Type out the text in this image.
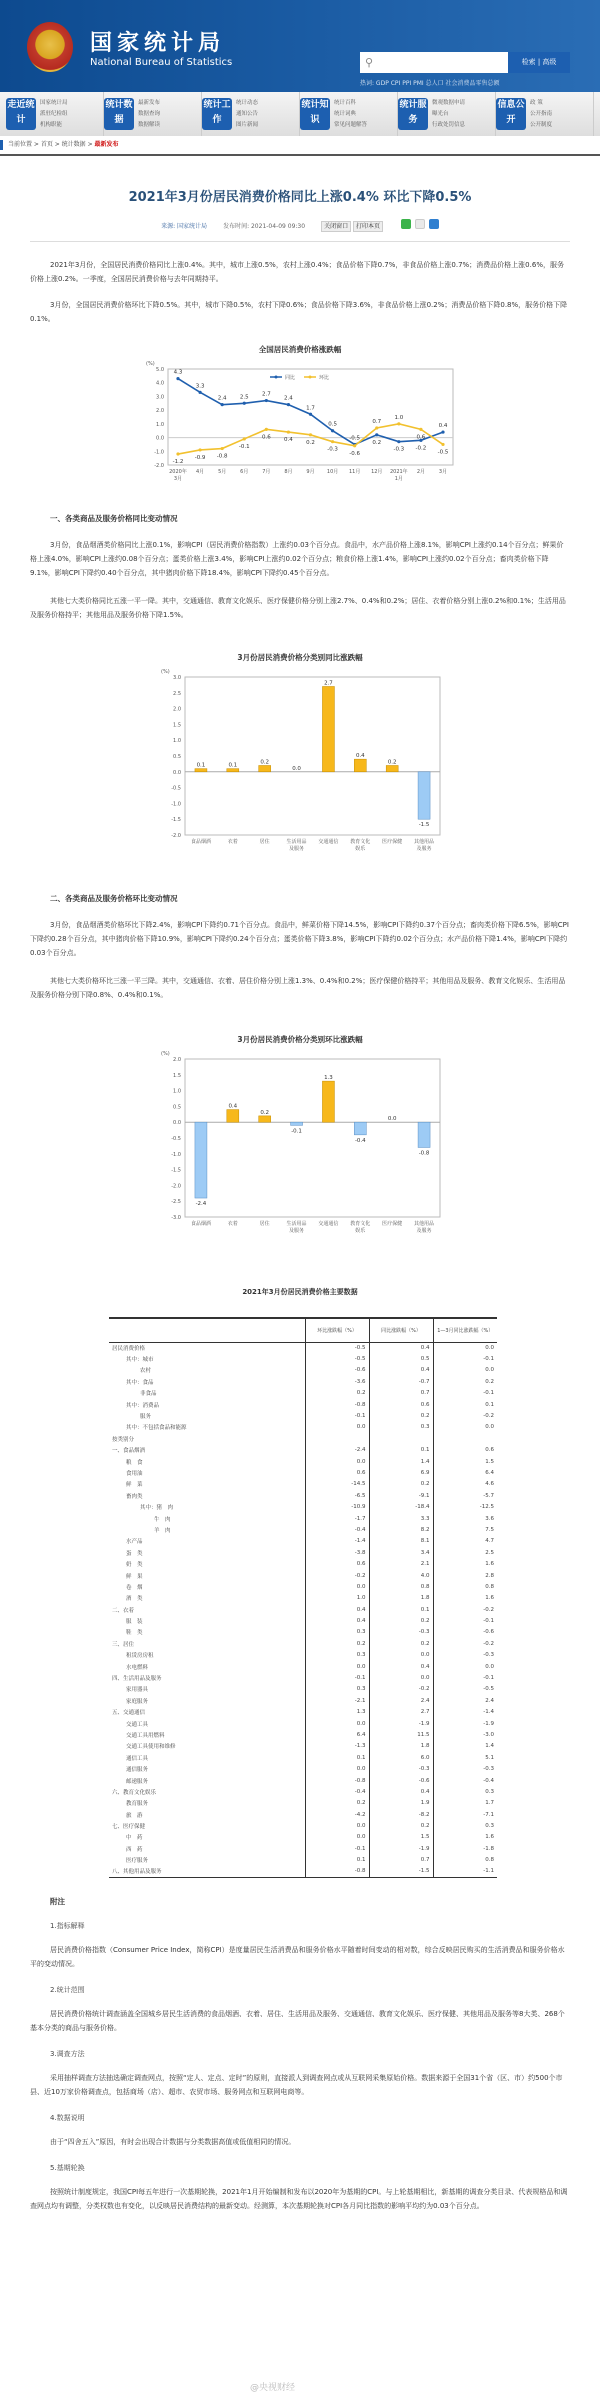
国家统计局
National Bureau of Statistics	⚲	检索 | 高级
热词: GDP CPI PPI PMI 总人口 社会消费品零售总额
走近统计
国家统计局
派驻纪检组
机构职能
统计数据
最新发布
数据查询
数据解读
统计工作
统计动态
通知公告
图片新闻
统计知识
统计百科
统计词典
常见问题解答
统计服务
微观数据申请
曝光台
行政处罚信息
信息公开
政 策
公开指南
公开制度
当前位置 > 首页 > 统计数据 > 最新发布
2021年3月份居民消费价格同比上涨0.4% 环比下降0.5%
来源: 国家统计局	发布时间: 2021-04-09 09:30	关闭窗口 打印本页

2021年3月份，全国居民消费价格同比上涨0.4%。其中，城市上涨0.5%，农村上涨0.4%；食品价格下降0.7%，非食品价格上涨0.7%；消费品价格上涨0.6%，服务价格上涨0.2%。一季度，全国居民消费价格与去年同期持平。

3月份，全国居民消费价格环比下降0.5%。其中，城市下降0.5%，农村下降0.6%；食品价格下降3.6%，非食品价格上涨0.2%；消费品价格下降0.8%，服务价格下降0.1%。

全国居民消费价格涨跌幅
(%)
5.0
4.0
3.0
2.0
1.0
0.0
-1.0
-2.0
2020年
3月
4月	5月	6月	7月	8月	9月 10月 11月 12月 2021年
1月
2月	3月
同比	环比
4.3
3.3
2.4 2.5 2.7
2.4
1.7
0.5
-0.5
0.2
-0.3 -0.2
0.4
-1.2
-0.9 -0.8
-0.1
0.6 0.4 0.2
-0.3
-0.6
0.7
1.0
0.6
-0.5
一、各类商品及服务价格同比变动情况

3月份，食品烟酒类价格同比上涨0.1%，影响CPI（居民消费价格指数）上涨约0.03个百分点。食品中，水产品价格上涨8.1%，影响CPI上涨约0.14个百分点；鲜果价格上涨4.0%，影响CPI上涨约0.08个百分点；蛋类价格上涨3.4%，影响CPI上涨约0.02个百分点；粮食价格上涨1.4%，影响CPI上涨约0.02个百分点；畜肉类价格下降9.1%，影响CPI下降约0.40个百分点，其中猪肉价格下降18.4%，影响CPI下降约0.45个百分点。

其他七大类价格同比五涨一平一降。其中，交通通信、教育文化娱乐、医疗保健价格分别上涨2.7%、0.4%和0.2%；居住、衣着价格分别上涨0.2%和0.1%；生活用品及服务价格持平；其他用品及服务价格下降1.5%。

3月份居民消费价格分类别同比涨跌幅
(%)
3.0
2.5
2.0
1.5
1.0
0.5
0.0
-0.5
-1.0
-1.5
-2.0
0.1
食品烟酒
0.1
衣着
0.2
居住
0.0
生活用品
及服务
2.7
交通通信
0.4
教育文化
娱乐
0.2
医疗保健
-1.5
其他用品
及服务
二、各类商品及服务价格环比变动情况

3月份，食品烟酒类价格环比下降2.4%，影响CPI下降约0.71个百分点。食品中，鲜菜价格下降14.5%，影响CPI下降约0.37个百分点；畜肉类价格下降6.5%，影响CPI下降约0.28个百分点，其中猪肉价格下降10.9%，影响CPI下降约0.24个百分点；蛋类价格下降3.8%，影响CPI下降约0.02个百分点；水产品价格下降1.4%，影响CPI下降约0.03个百分点。

其他七大类价格环比三涨一平三降。其中，交通通信、衣着、居住价格分别上涨1.3%、0.4%和0.2%；医疗保健价格持平；其他用品及服务、教育文化娱乐、生活用品及服务价格分别下降0.8%、0.4%和0.1%。

3月份居民消费价格分类别环比涨跌幅
(%)
2.0
1.5
1.0
0.5
0.0
-0.5
-1.0
-1.5
-2.0
-2.5
-3.0
-2.4
食品烟酒
0.4
衣着
0.2
居住
-0.1
生活用品
及服务
1.3
交通通信
-0.4
教育文化
娱乐
0.0
医疗保健
-0.8
其他用品
及服务
2021年3月份居民消费价格主要数据
	环比涨跌幅（%）	同比涨跌幅（%）	1—3月同比涨跌幅（%）
居民消费价格	-0.5	0.4	0.0
其中：城市	-0.5	0.5	-0.1
农村	-0.6	0.4	0.0
其中：食品	-3.6	-0.7	0.2
非食品	0.2	0.7	-0.1
其中：消费品	-0.8	0.6	0.1
服务	-0.1	0.2	-0.2
其中：不包括食品和能源	0.0	0.3	0.0
按类别分			
一、食品烟酒	-2.4	0.1	0.6
粮　食	0.0	1.4	1.5
食用油	0.6	6.9	6.4
鲜　菜	-14.5	0.2	4.6
畜肉类	-6.5	-9.1	-5.7
其中：猪　肉	-10.9	-18.4	-12.5
牛　肉	-1.7	3.3	3.6
羊　肉	-0.4	8.2	7.5
水产品	-1.4	8.1	4.7
蛋　类	-3.8	3.4	2.5
奶　类	0.6	2.1	1.6
鲜　果	-0.2	4.0	2.8
卷　烟	0.0	0.8	0.8
酒　类	1.0	1.8	1.6
二、衣着	0.4	0.1	-0.2
服　装	0.4	0.2	-0.1
鞋　类	0.3	-0.3	-0.6
三、居住	0.2	0.2	-0.2
租赁房房租	0.3	0.0	-0.3
水电燃料	0.0	0.4	0.0
四、生活用品及服务	-0.1	0.0	-0.1
家用器具	0.3	-0.2	-0.5
家庭服务	-2.1	2.4	2.4
五、交通通信	1.3	2.7	-1.4
交通工具	0.0	-1.9	-1.9
交通工具用燃料	6.4	11.5	-3.0
交通工具使用和维修	-1.3	1.8	1.4
通信工具	0.1	6.0	5.1
通信服务	0.0	-0.3	-0.3
邮递服务	-0.8	-0.6	-0.4
六、教育文化娱乐	-0.4	0.4	0.3
教育服务	0.2	1.9	1.7
旅　游	-4.2	-8.2	-7.1
七、医疗保健	0.0	0.2	0.3
中　药	0.0	1.5	1.6
西　药	-0.1	-1.9	-1.8
医疗服务	0.1	0.7	0.8
八、其他用品及服务	-0.8	-1.5	-1.1
附注
1.指标解释

居民消费价格指数（Consumer Price Index，简称CPI）是度量居民生活消费品和服务价格水平随着时间变动的相对数，综合反映居民购买的生活消费品和服务价格水平的变动情况。

2.统计范围

居民消费价格统计调查涵盖全国城乡居民生活消费的食品烟酒、衣着、居住、生活用品及服务、交通通信、教育文化娱乐、医疗保健、其他用品及服务等8大类、268个基本分类的商品与服务价格。

3.调查方法

采用抽样调查方法抽选确定调查网点，按照“定人、定点、定时”的原则，直接派人到调查网点或从互联网采集原始价格。数据来源于全国31个省（区、市）约500个市县、近10万家价格调查点，包括商场（店）、超市、农贸市场、服务网点和互联网电商等。

4.数据说明

由于“四舍五入”原因，有时会出现合计数据与分类数据高值或低值相同的情况。

5.基期轮换

按照统计制度规定，我国CPI每五年进行一次基期轮换，2021年1月开始编制和发布以2020年为基期的CPI。与上轮基期相比，新基期的调查分类目录、代表规格品和调查网点均有调整，分类权数也有变化，以反映居民消费结构的最新变动。经测算，本次基期轮换对CPI各月同比指数的影响平均约为0.03个百分点。

@央视财经
